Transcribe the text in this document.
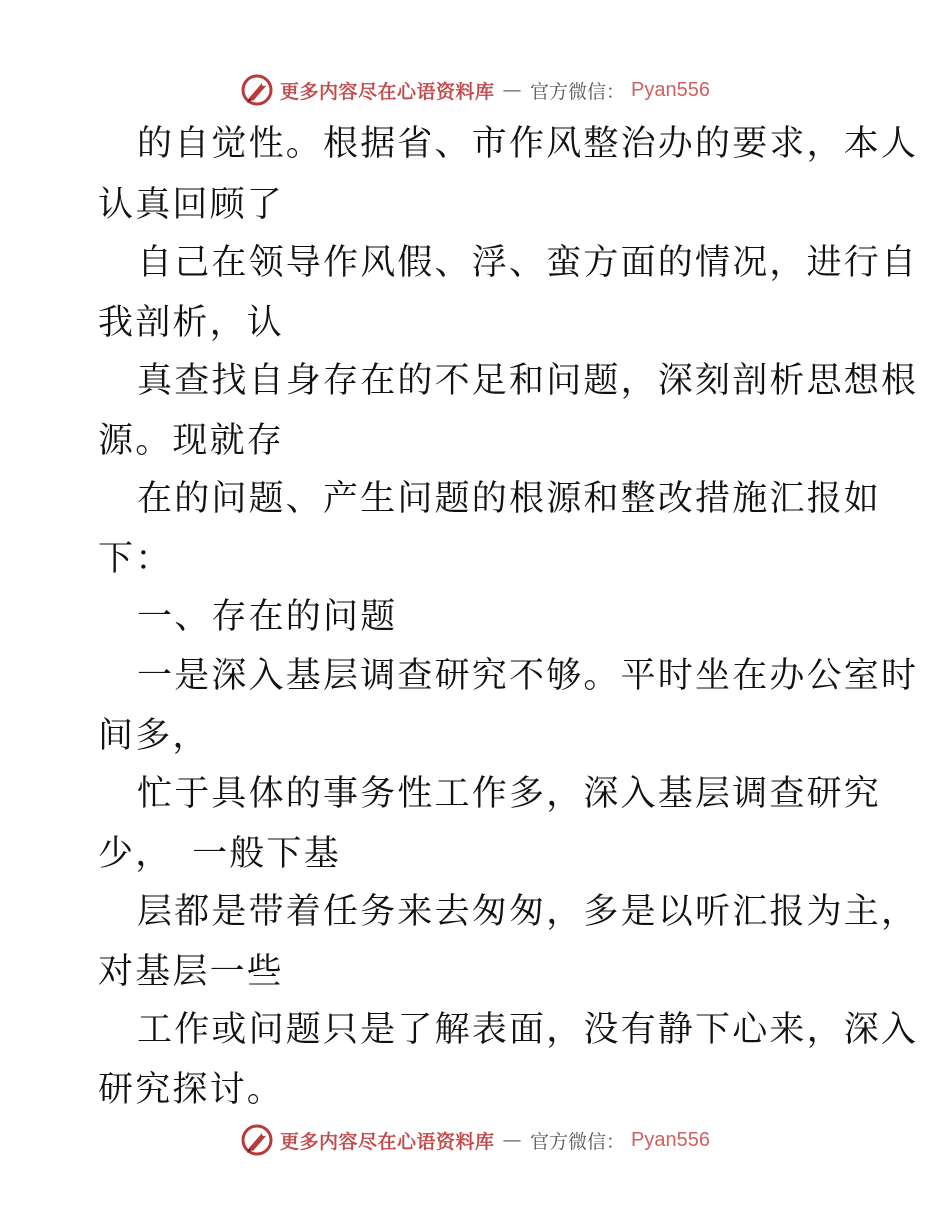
更多内容尽在心语资料库 — 官方微信： Pyan556
的自觉性。根据省、市作风整治办的要求，本人
认真回顾了
自己在领导作风假、浮、蛮方面的情况，进行自
我剖析，认
真查找自身存在的不足和问题，深刻剖析思想根
源。现就存
在的问题、产生问题的根源和整改措施汇报如
下：
一、存在的问题
一是深入基层调查研究不够。平时坐在办公室时
间多，
忙于具体的事务性工作多，深入基层调查研究
少，　一般下基
层都是带着任务来去匆匆，多是以听汇报为主，
对基层一些
工作或问题只是了解表面，没有静下心来，深入
研究探讨。
更多内容尽在心语资料库 — 官方微信： Pyan556
